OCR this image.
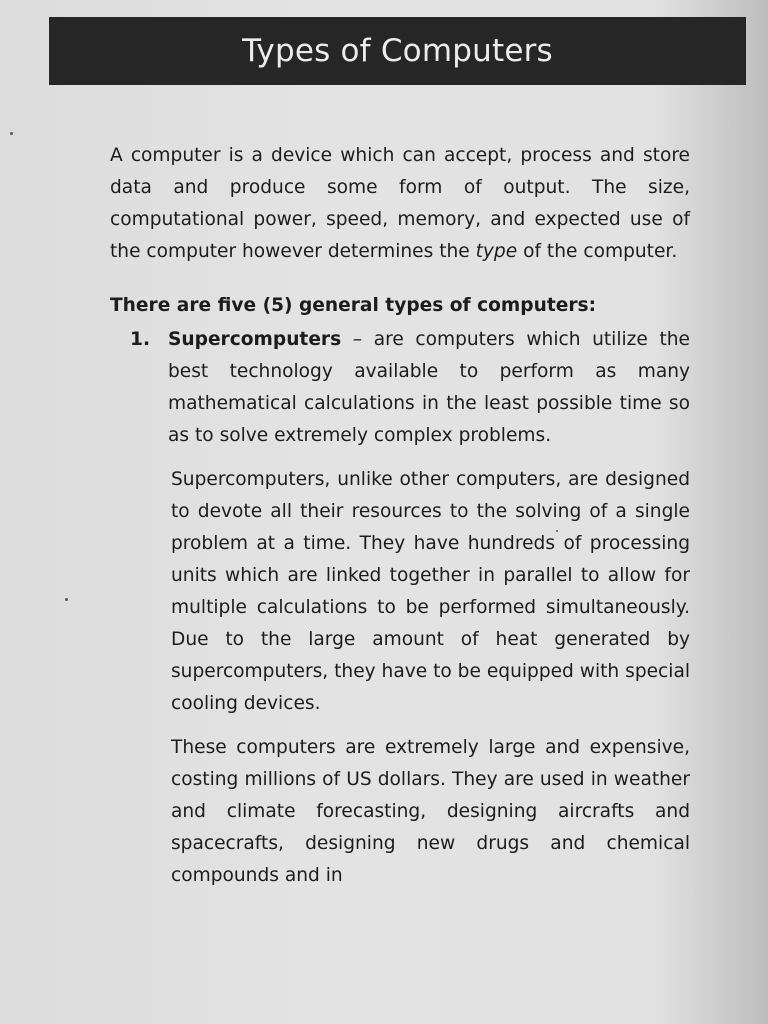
Types of Computers

A computer is a device which can accept, process and store data and produce some form of output. The size, computational power, speed, memory, and expected use of the computer however determines the type of the computer.

There are five (5) general types of computers:

1. Supercomputers – are computers which utilize the best technology available to perform as many mathematical calculations in the least possible time so as to solve extremely complex problems.

Supercomputers, unlike other computers, are designed to devote all their resources to the solving of a single problem at a time. They have hundreds of processing units which are linked together in parallel to allow for multiple calculations to be performed simultaneously. Due to the large amount of heat generated by supercomputers, they have to be equipped with special cooling devices.

These computers are extremely large and expensive, costing millions of US dollars. They are used in weather and climate forecasting, designing aircrafts and spacecrafts, designing new drugs and chemical compounds and in
